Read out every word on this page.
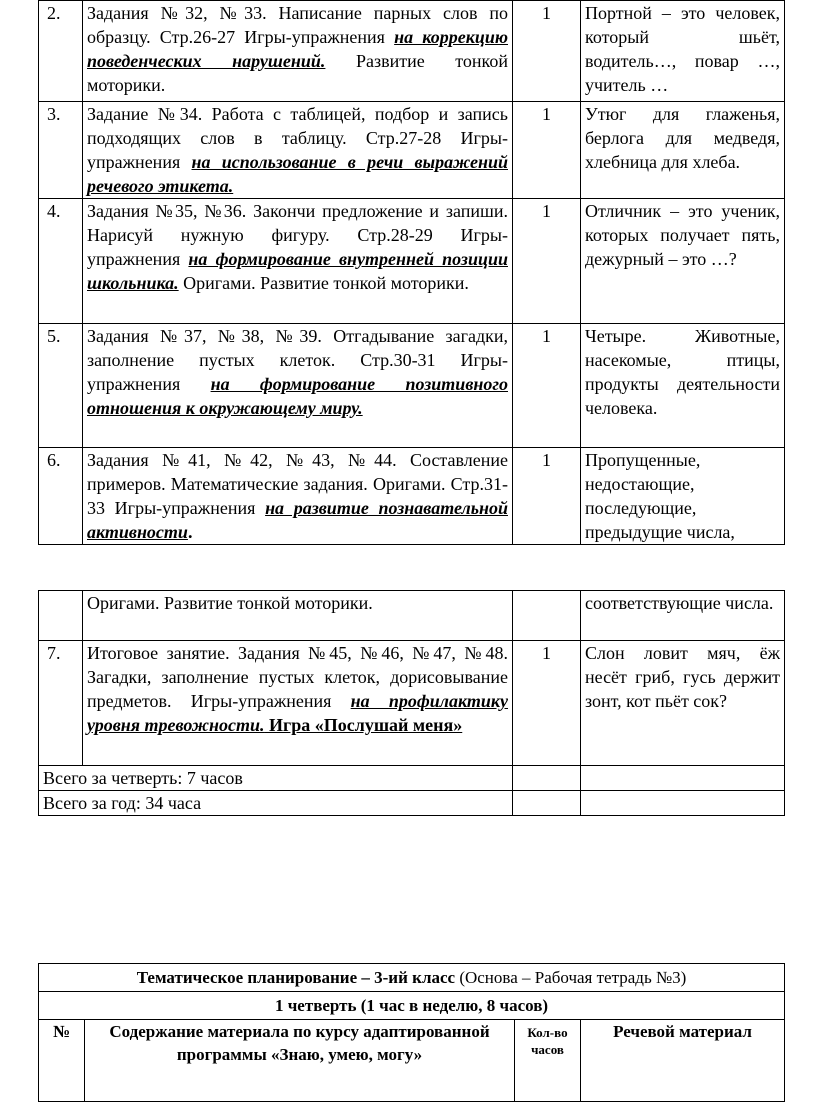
2.	Задания №32, №33. Написание парных слов по образцу. Стр.26-27 Игры-упражнения на коррекцию поведенческих нарушений. Развитие тонкой моторики.	1	Портной – это человек, который шьёт, водитель…, повар …, учитель …
3.	Задание №34. Работа с таблицей, подбор и запись подходящих слов в таблицу. Стр.27-28 Игры-упражнения на использование в речи выражений речевого этикета.	1	Утюг для глаженья, берлога для медведя, хлебница для хлеба.
4.	Задания №35, №36. Закончи предложение и запиши. Нарисуй нужную фигуру. Стр.28-29 Игры-упражнения на формирование внутренней позиции школьника. Оригами. Развитие тонкой моторики.	1	Отличник – это ученик, которых получает пять, дежурный – это …?
5.	Задания №37, №38, №39. Отгадывание загадки, заполнение пустых клеток. Стр.30-31 Игры-упражнения на формирование позитивного отношения к окружающему миру.	1	Четыре. Животные, насекомые, птицы, продукты деятельности человека.
6.	Задания №41, №42, №43, №44. Составление примеров. Математические задания. Оригами. Стр.31-33 Игры-упражнения на развитие познавательной активности.	1	Пропущенные, недостающие, последующие, предыдущие числа,
	Оригами. Развитие тонкой моторики.		соответствующие числа.
7.	Итоговое занятие. Задания №45, №46, №47, №48. Загадки, заполнение пустых клеток, дорисовывание предметов. Игры-упражнения на профилактику уровня тревожности. Игра «Послушай меня»	1	Слон ловит мяч, ёж несёт гриб, гусь держит зонт, кот пьёт сок?
Всего за четверть: 7 часов			
Всего за год: 34 часа			
Тематическое планирование – 3-ий класс (Основа – Рабочая тетрадь №3)
1 четверть (1 час в неделю, 8 часов)
№	Содержание материала по курсу адаптированной программы «Знаю, умею, могу»	Кол-во часов	Речевой материал
